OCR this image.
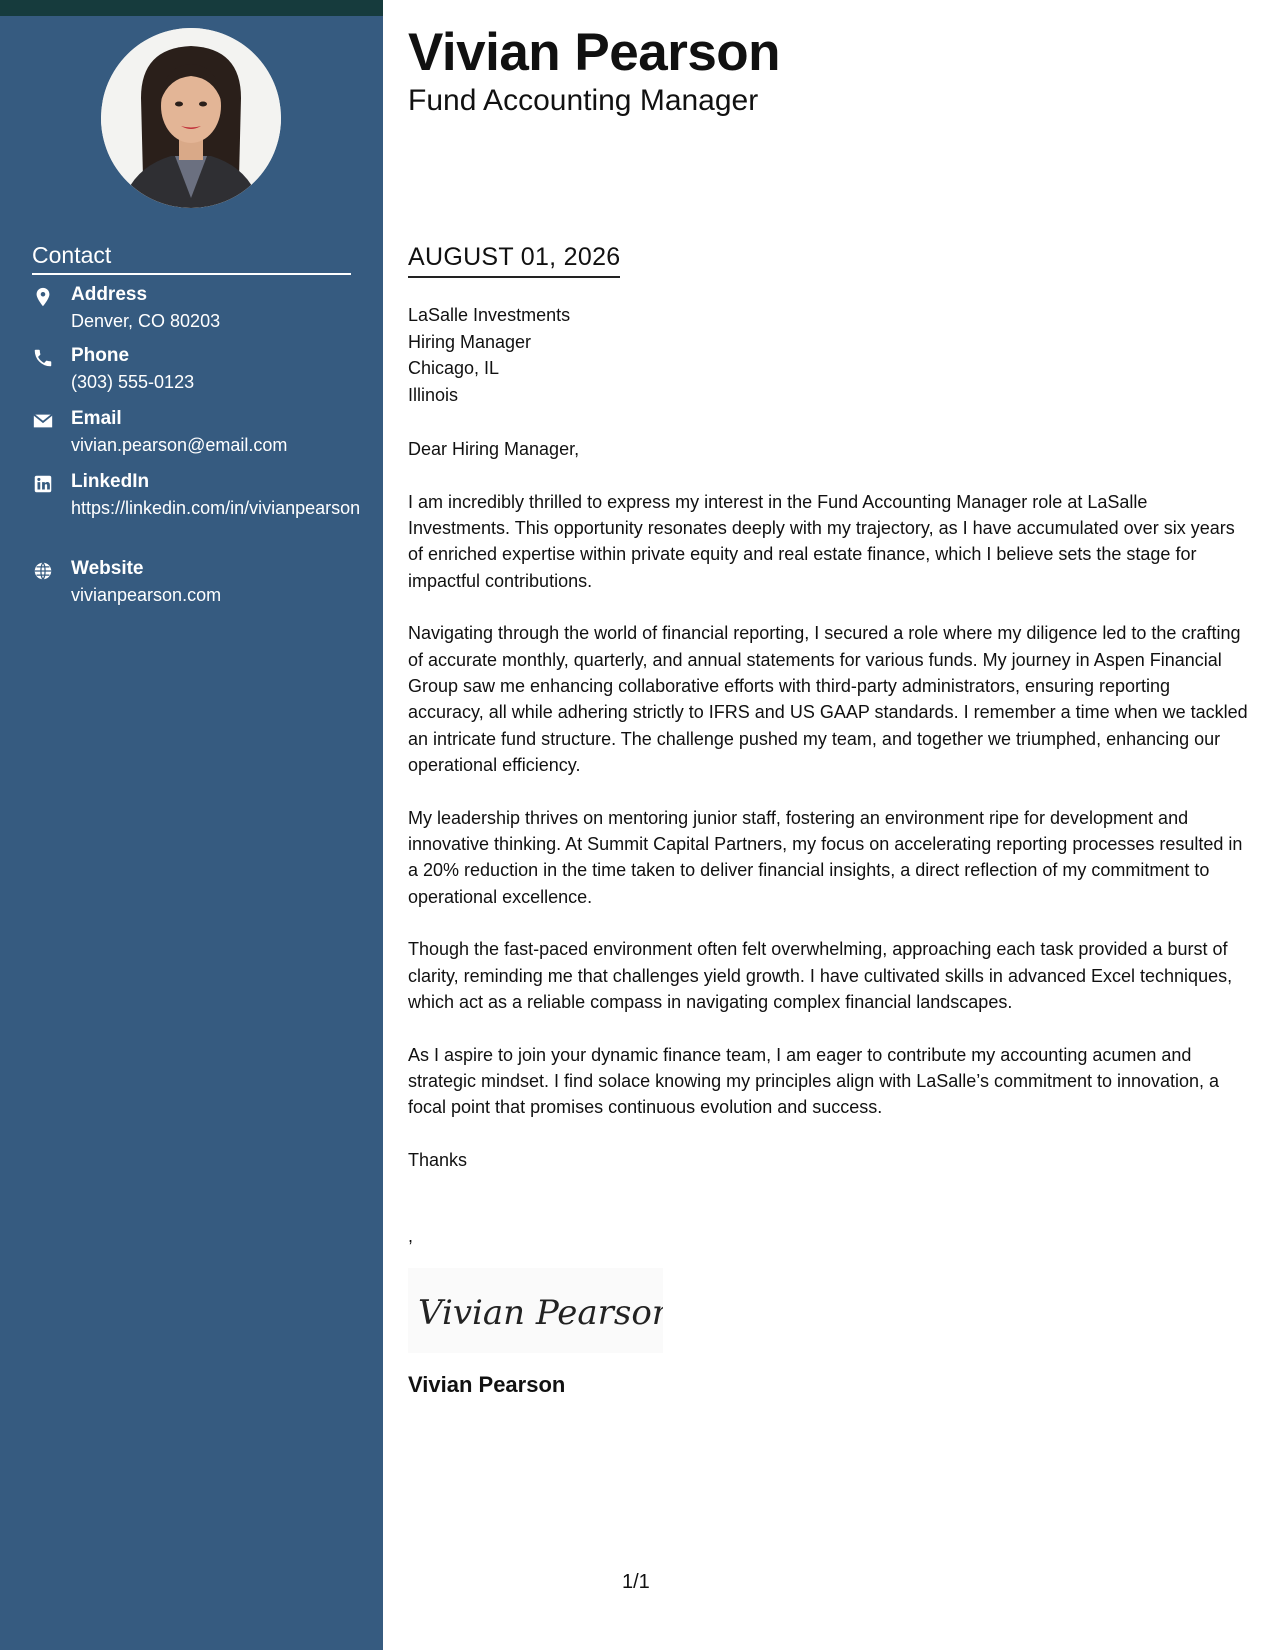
Contact
Address
Denver, CO 80203
Phone
(303) 555-0123
Email
vivian.pearson@email.com
LinkedIn
https://linkedin.com/in/vivianpearson
Website
vivianpearson.com
Vivian Pearson
Fund Accounting Manager
AUGUST 01, 2026
LaSalle Investments
Hiring Manager
Chicago, IL
Illinois

Dear Hiring Manager,

I am incredibly thrilled to express my interest in the Fund Accounting Manager role at LaSalle Investments. This opportunity resonates deeply with my trajectory, as I have accumulated over six years of enriched expertise within private equity and real estate finance, which I believe sets the stage for impactful contributions.

Navigating through the world of financial reporting, I secured a role where my diligence led to the crafting of accurate monthly, quarterly, and annual statements for various funds. My journey in Aspen Financial Group saw me enhancing collaborative efforts with third-party administrators, ensuring reporting accuracy, all while adhering strictly to IFRS and US GAAP standards. I remember a time when we tackled an intricate fund structure. The challenge pushed my team, and together we triumphed, enhancing our operational efficiency.

My leadership thrives on mentoring junior staff, fostering an environment ripe for development and innovative thinking. At Summit Capital Partners, my focus on accelerating reporting processes resulted in a 20% reduction in the time taken to deliver financial insights, a direct reflection of my commitment to operational excellence.

Though the fast-paced environment often felt overwhelming, approaching each task provided a burst of clarity, reminding me that challenges yield growth. I have cultivated skills in advanced Excel techniques, which act as a reliable compass in navigating complex financial landscapes.

As I aspire to join your dynamic finance team, I am eager to contribute my accounting acumen and strategic mindset. I find solace knowing my principles align with LaSalle’s commitment to innovation, a focal point that promises continuous evolution and success.

Thanks

,
Vivian Pearson
Vivian Pearson
1/1
